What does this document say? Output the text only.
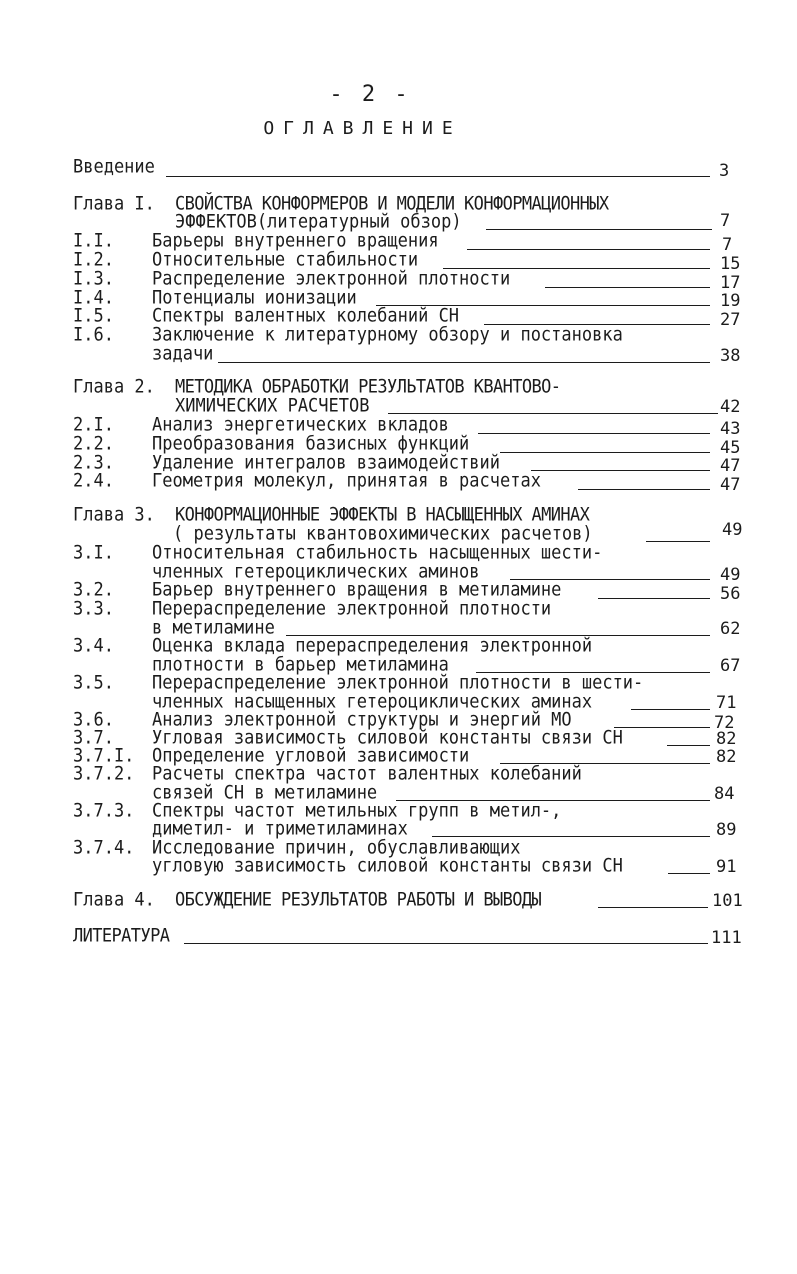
- 2 -
ОГЛАВЛЕНИЕ
Введение	3
Глава I. СВОЙСТВА КОНФОРМЕРОВ И МОДЕЛИ КОНФОРМАЦИОННЫХ
ЭФФЕКТОВ(литературный обзор)	7
I.I. Барьеры внутреннего вращения	7
I.2. Относительные стабильности	15
I.3. Распределение электронной плотности	17
I.4. Потенциалы ионизации	19
I.5. Спектры валентных колебаний СН	27
I.6. Заключение к литературному обзору и постановка
задачи	38
Глава 2. МЕТОДИКА ОБРАБОТКИ РЕЗУЛЬТАТОВ КВАНТОВО-
ХИМИЧЕСКИХ РАСЧЕТОВ	42
2.I. Анализ энергетических вкладов	43
2.2. Преобразования базисных функций	45
2.3. Удаление интегралов взаимодействий	47
2.4. Геометрия молекул, принятая в расчетах	47
Глава 3. КОНФОРМАЦИОННЫЕ ЭФФЕКТЫ В НАСЫЩЕННЫХ АМИНАХ
( результаты квантовохимических расчетов)	49
3.I. Относительная стабильность насыщенных шести-
членных гетероциклических аминов	49
3.2. Барьер внутреннего вращения в метиламине	56
3.3. Перераспределение электронной плотности
в метиламине	62
3.4. Оценка вклада перераспределения электронной
плотности в барьер метиламина	67
3.5. Перераспределение электронной плотности в шести-
членных насыщенных гетероциклических аминах	71
3.6. Анализ электронной структуры и энергий МО	72
3.7. Угловая зависимость силовой константы связи СН	82
3.7.I. Определение угловой зависимости	82
3.7.2. Расчеты спектра частот валентных колебаний
связей СН в метиламине	84
3.7.3. Спектры частот метильных групп в метил-,
диметил- и триметиламинах	89
3.7.4. Исследование причин, обуславливающих
угловую зависимость силовой константы связи СН	91
Глава 4. ОБСУЖДЕНИЕ РЕЗУЛЬТАТОВ РАБОТЫ И ВЫВОДЫ	101
ЛИТЕРАТУРА	111
